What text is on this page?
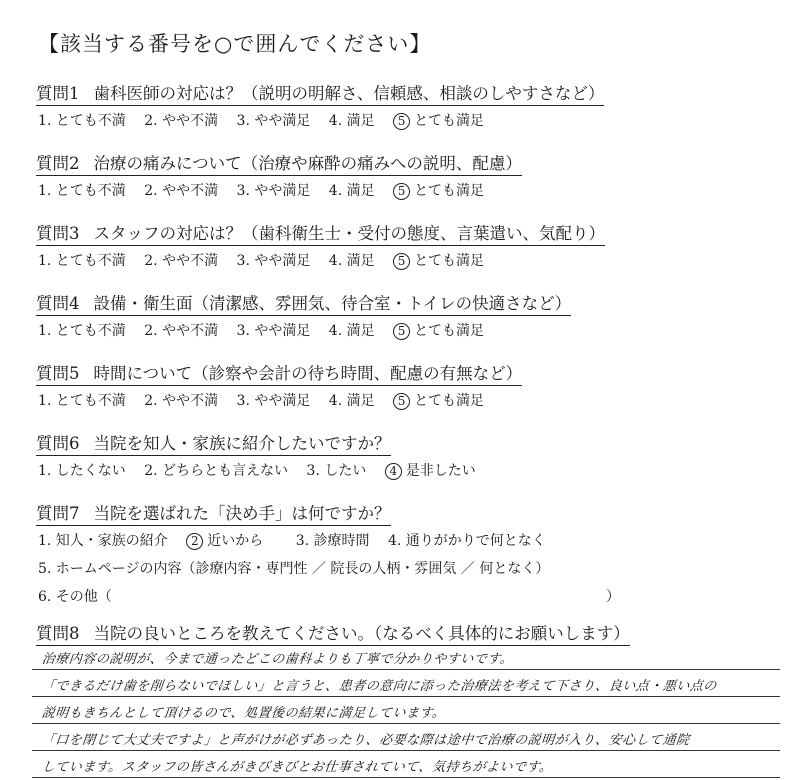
【該当する番号を○で囲んでください】
質問1 歯科医師の対応は？（説明の明解さ、信頼感、相談のしやすさなど）
1. とても不満 2. やや不満 3. やや満足 4. 満足 5 とても満足
質問2 治療の痛みについて（治療や麻酔の痛みへの説明、配慮）
1. とても不満 2. やや不満 3. やや満足 4. 満足 5 とても満足
質問3 スタッフの対応は？（歯科衛生士・受付の態度、言葉遣い、気配り）
1. とても不満 2. やや不満 3. やや満足 4. 満足 5 とても満足
質問4 設備・衛生面（清潔感、雰囲気、待合室・トイレの快適さなど）
1. とても不満 2. やや不満 3. やや満足 4. 満足 5 とても満足
質問5 時間について（診察や会計の待ち時間、配慮の有無など）
1. とても不満 2. やや不満 3. やや満足 4. 満足 5 とても満足
質問6 当院を知人・家族に紹介したいですか？
1. したくない 2. どちらとも言えない 3. したい 4 是非したい
質問7 当院を選ばれた「決め手」は何ですか？
1. 知人・家族の紹介 2 近いから 3. 診療時間 4. 通りがかりで何となく
5. ホームページの内容（診療内容・専門性 ／ 院長の人柄・雰囲気 ／ 何となく）
6. その他（	）
質問8 当院の良いところを教えてください。（なるべく具体的にお願いします）
治療内容の説明が、今まで通ったどこの歯科よりも丁寧で分かりやすいです。
「できるだけ歯を削らないでほしい」と言うと、患者の意向に添った治療法を考えて下さり、良い点・悪い点の
説明もきちんとして頂けるので、処置後の結果に満足しています。
「口を閉じて大丈夫ですよ」と声がけが必ずあったり、必要な際は途中で治療の説明が入り、安心して通院
しています。スタッフの皆さんがきびきびとお仕事されていて、気持ちがよいです。
